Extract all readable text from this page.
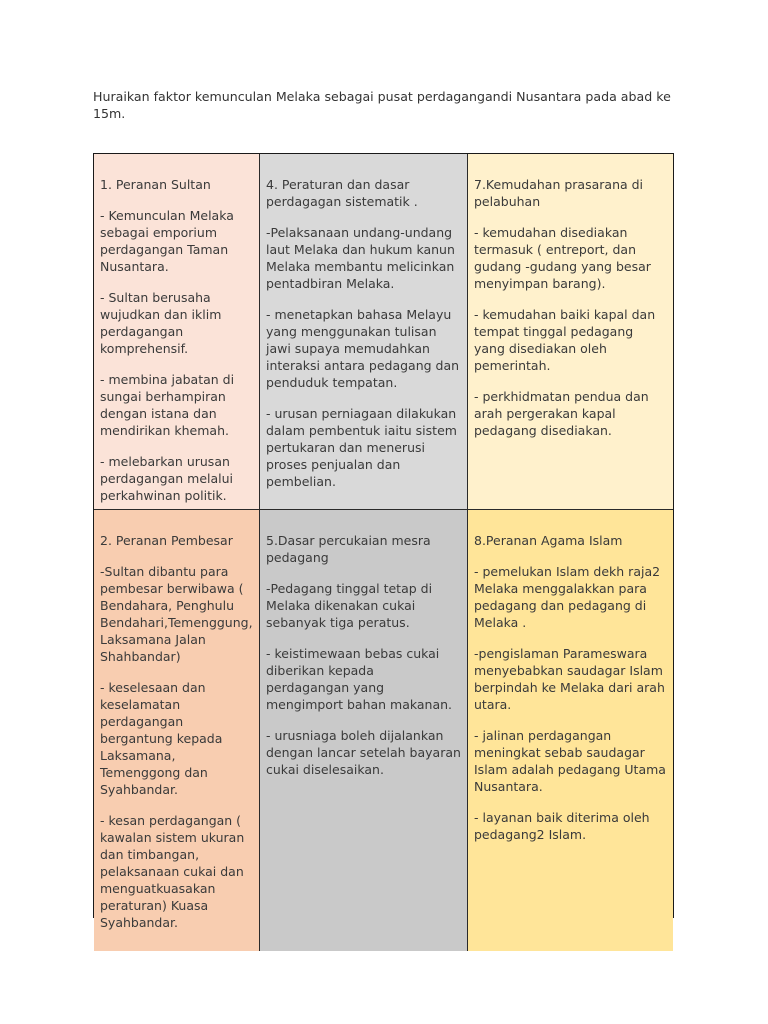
Huraikan faktor kemunculan Melaka sebagai pusat perdagangandi Nusantara pada abad ke 15m.
1. Peranan Sultan

- Kemunculan Melaka sebagai emporium perdagangan Taman Nusantara.

- Sultan berusaha wujudkan dan iklim perdagangan komprehensif.

- membina jabatan di sungai berhampiran dengan istana dan mendirikan khemah.

- melebarkan urusan perdagangan melalui perkahwinan politik.

4. Peraturan dan dasar perdagagan sistematik .

-Pelaksanaan undang-undang laut Melaka dan hukum kanun Melaka membantu melicinkan pentadbiran Melaka.

- menetapkan bahasa Melayu yang menggunakan tulisan jawi supaya memudahkan interaksi antara pedagang dan penduduk tempatan.

- urusan perniagaan dilakukan dalam pembentuk iaitu sistem pertukaran dan menerusi proses penjualan dan pembelian.

7.Kemudahan prasarana di pelabuhan

- kemudahan disediakan termasuk ( entreport, dan gudang -gudang yang besar menyimpan barang).

- kemudahan baiki kapal dan tempat tinggal pedagang yang disediakan oleh pemerintah.

- perkhidmatan pendua dan arah pergerakan kapal pedagang disediakan.

2. Peranan Pembesar

-Sultan dibantu para pembesar berwibawa ( Bendahara, Penghulu Bendahari,Temenggung, Laksamana Jalan Shahbandar)

- keselesaan dan keselamatan perdagangan bergantung kepada Laksamana, Temenggong dan Syahbandar.

- kesan perdagangan ( kawalan sistem ukuran dan timbangan, pelaksanaan cukai dan menguatkuasakan peraturan) Kuasa Syahbandar.

5.Dasar percukaian mesra pedagang

-Pedagang tinggal tetap di Melaka dikenakan cukai sebanyak tiga peratus.

- keistimewaan bebas cukai diberikan kepada perdagangan yang mengimport bahan makanan.

- urusniaga boleh dijalankan dengan lancar setelah bayaran cukai diselesaikan.

8.Peranan Agama Islam

- pemelukan Islam dekh raja2 Melaka menggalakkan para pedagang dan pedagang di Melaka .

-pengislaman Parameswara menyebabkan saudagar Islam berpindah ke Melaka dari arah utara.

- jalinan perdagangan meningkat sebab saudagar Islam adalah pedagang Utama Nusantara.

- layanan baik diterima oleh pedagang2 Islam.
